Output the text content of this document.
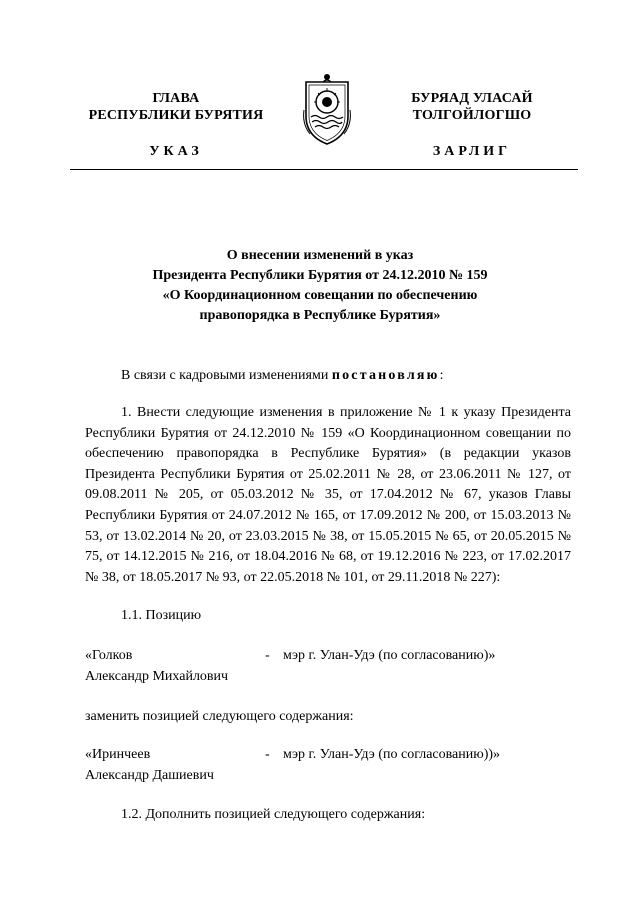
ГЛАВА
РЕСПУБЛИКИ БУРЯТИЯ
УКАЗ
БУРЯАД УЛАСАЙ
ТОЛГОЙЛОГШО
ЗАРЛИГ
О внесении изменений в указ
Президента Республики Бурятия от 24.12.2010 № 159
«О Координационном совещании по обеспечению
правопорядка в Республике Бурятия»
В связи с кадровыми изменениями постановляю:
1. Внести следующие изменения в приложение № 1 к указу Президента Республики Бурятия от 24.12.2010 № 159 «О Координационном совещании по обеспечению правопорядка в Республике Бурятия» (в редакции указов Президента Республики Бурятия от 25.02.2011 № 28, от 23.06.2011 № 127, от 09.08.2011 № 205, от 05.03.2012 № 35, от 17.04.2012 № 67, указов Главы Республики Бурятия от 24.07.2012 № 165, от 17.09.2012 № 200, от 15.03.2013 № 53, от 13.02.2014 № 20, от 23.03.2015 № 38, от 15.05.2015 № 65, от 20.05.2015 № 75, от 14.12.2015 № 216, от 18.04.2016 № 68, от 19.12.2016 № 223, от 17.02.2017 № 38, от 18.05.2017 № 93, от 22.05.2018 № 101, от 29.11.2018 № 227):
1.1. Позицию
«Голков	- мэр г. Улан-Удэ (по согласованию)»
Александр Михайлович
заменить позицией следующего содержания:
«Иринчеев	- мэр г. Улан-Удэ (по согласованию))»
Александр Дашиевич
1.2. Дополнить позицией следующего содержания:
